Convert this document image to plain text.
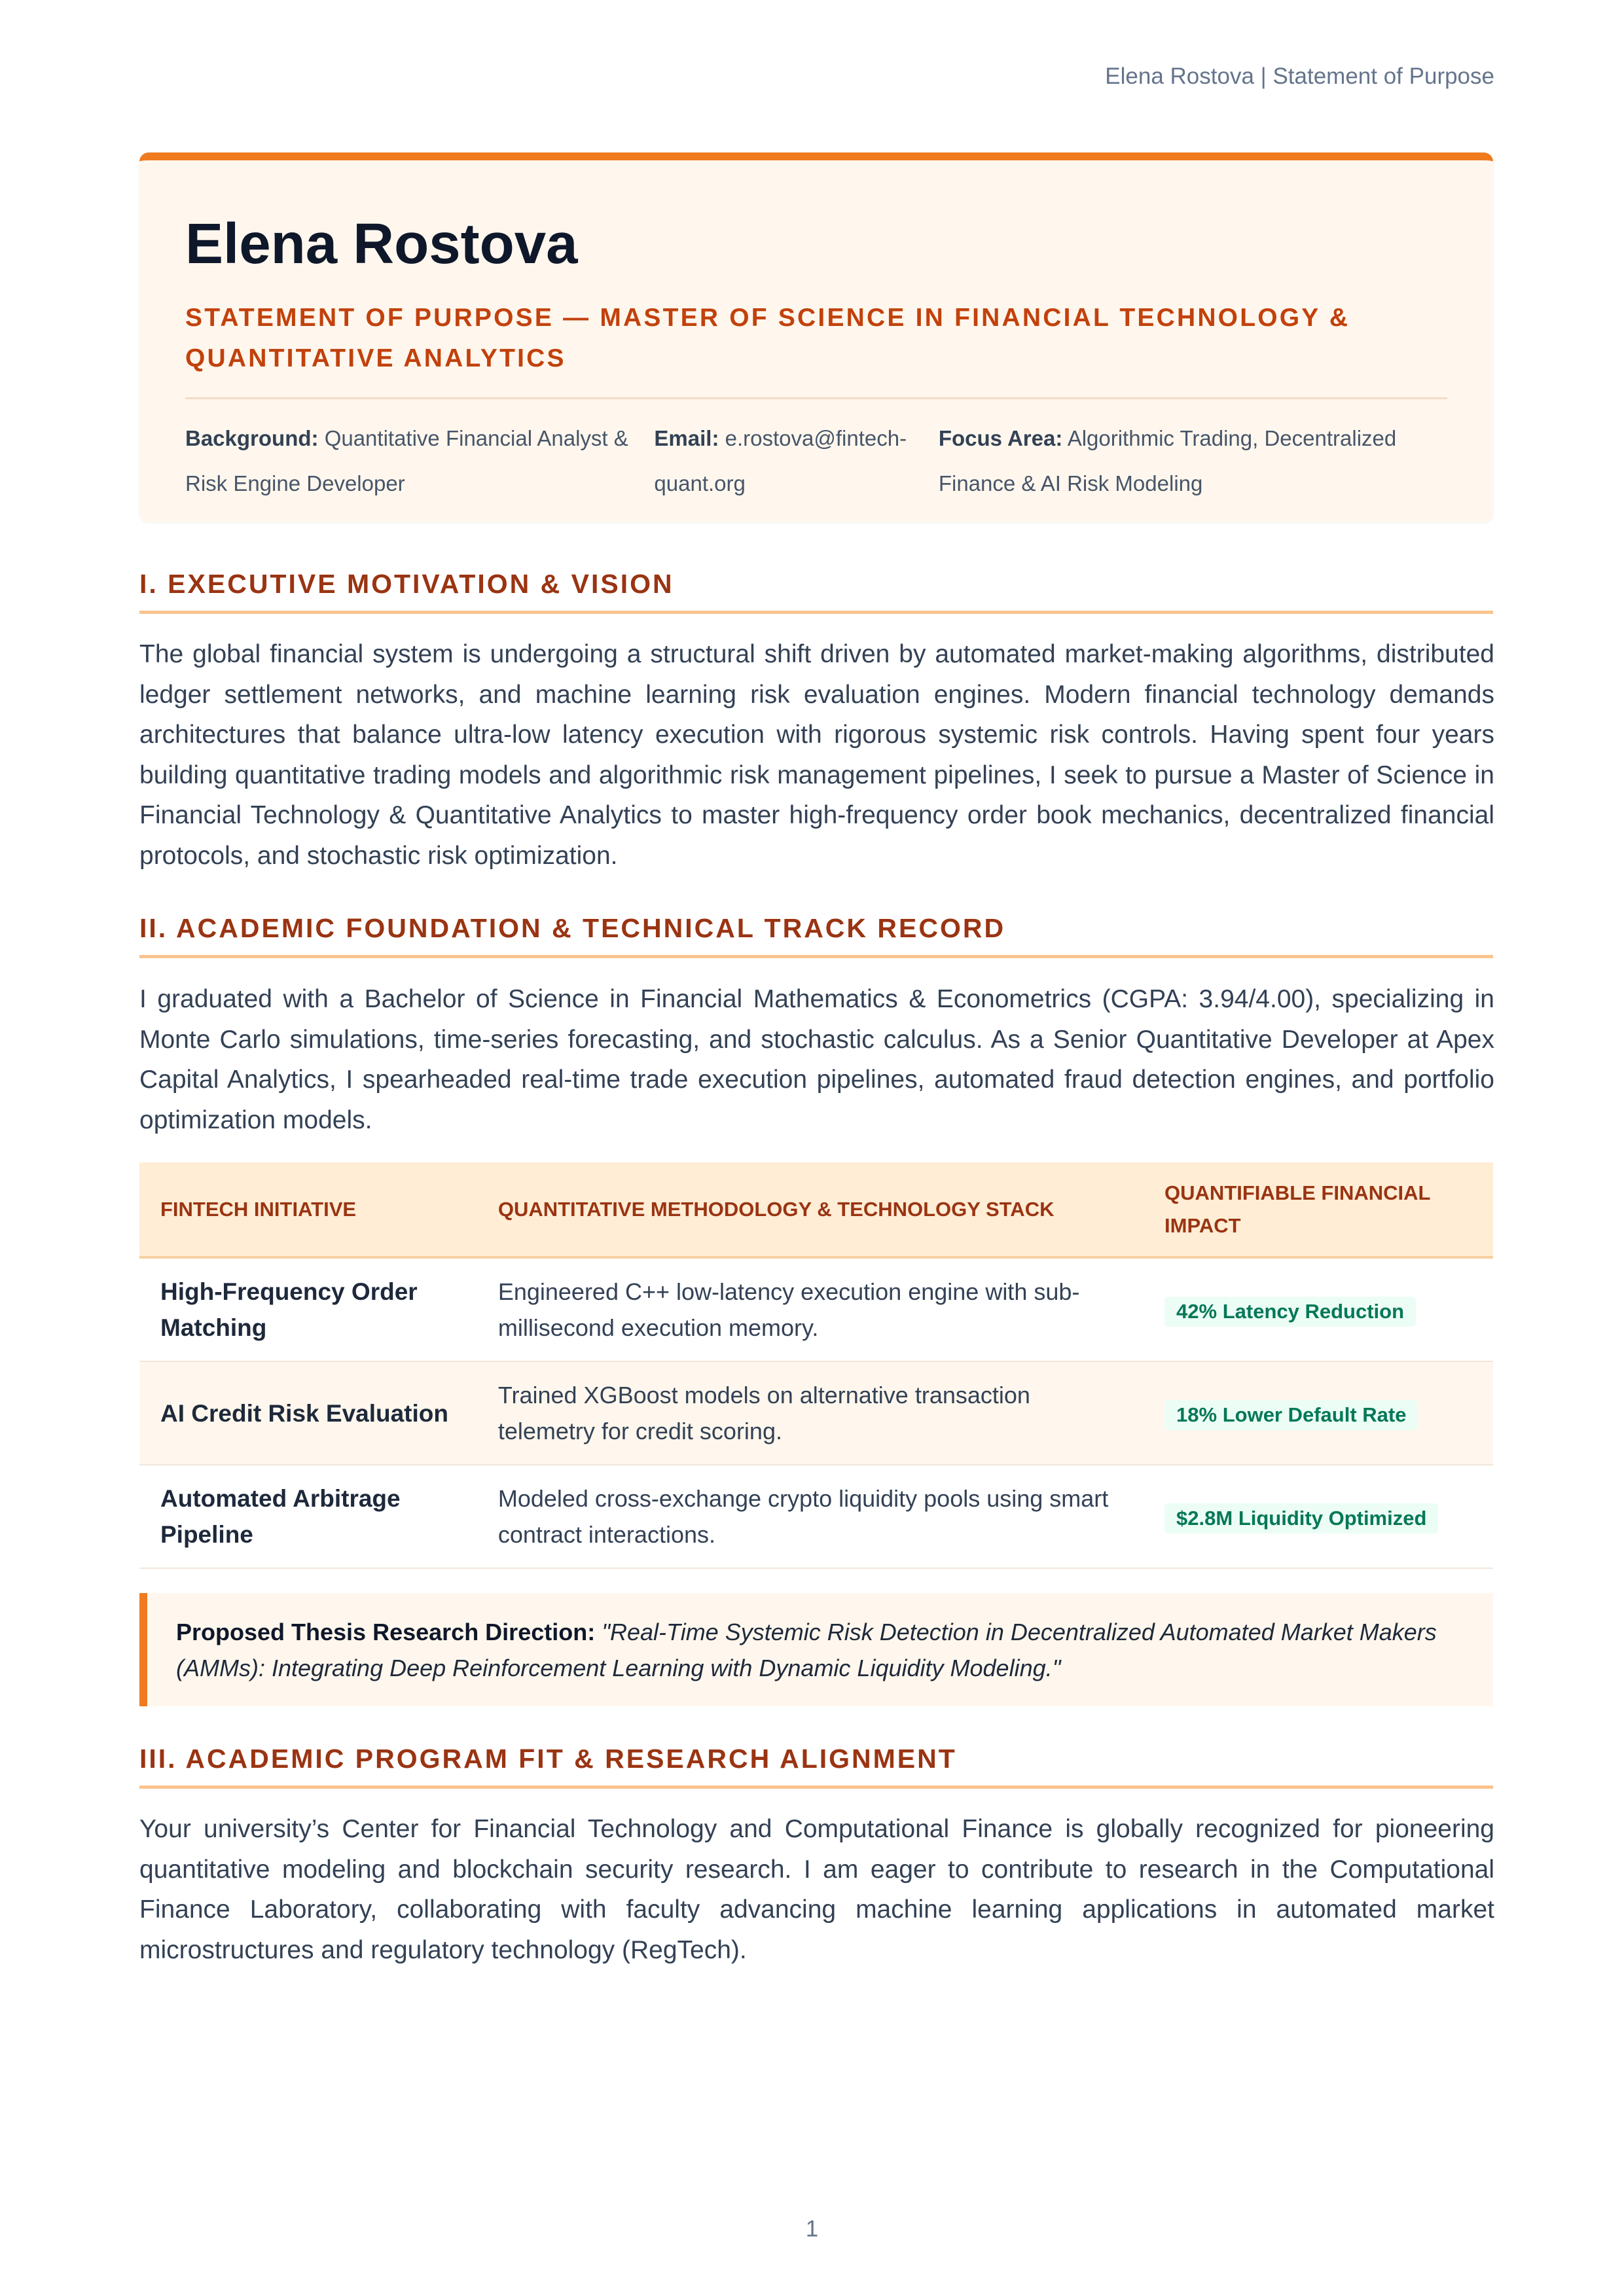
Elena Rostova | Statement of Purpose
Elena Rostova
STATEMENT OF PURPOSE — MASTER OF SCIENCE IN FINANCIAL TECHNOLOGY & QUANTITATIVE ANALYTICS
Background: Quantitative Financial Analyst & Risk Engine Developer
Email: e.rostova@fintech-quant.org
Focus Area: Algorithmic Trading, Decentralized Finance & AI Risk Modeling
I. EXECUTIVE MOTIVATION & VISION

The global financial system is undergoing a structural shift driven by automated market-making algorithms, distributed ledger settlement networks, and machine learning risk evaluation engines. Modern financial technology demands architectures that balance ultra-low latency execution with rigorous systemic risk controls. Having spent four years building quantitative trading models and algorithmic risk management pipelines, I seek to pursue a Master of Science in Financial Technology & Quantitative Analytics to master high-frequency order book mechanics, decentralized financial protocols, and stochastic risk optimization.

II. ACADEMIC FOUNDATION & TECHNICAL TRACK RECORD

I graduated with a Bachelor of Science in Financial Mathematics & Econometrics (CGPA: 3.94/4.00), specializing in Monte Carlo simulations, time-series forecasting, and stochastic calculus. As a Senior Quantitative Developer at Apex Capital Analytics, I spearheaded real-time trade execution pipelines, automated fraud detection engines, and portfolio optimization models.

FINTECH INITIATIVE	QUANTITATIVE METHODOLOGY & TECHNOLOGY STACK	QUANTIFIABLE FINANCIAL IMPACT
High-Frequency Order Matching	Engineered C++ low-latency execution engine with sub-millisecond execution memory.	42% Latency Reduction
AI Credit Risk Evaluation	Trained XGBoost models on alternative transaction telemetry for credit scoring.	18% Lower Default Rate
Automated Arbitrage Pipeline	Modeled cross-exchange crypto liquidity pools using smart contract interactions.	$2.8M Liquidity Optimized
Proposed Thesis Research Direction: "Real-Time Systemic Risk Detection in Decentralized Automated Market Makers (AMMs): Integrating Deep Reinforcement Learning with Dynamic Liquidity Modeling."
III. ACADEMIC PROGRAM FIT & RESEARCH ALIGNMENT

Your university’s Center for Financial Technology and Computational Finance is globally recognized for pioneering quantitative modeling and blockchain security research. I am eager to contribute to research in the Computational Finance Laboratory, collaborating with faculty advancing machine learning applications in automated market microstructures and regulatory technology (RegTech).

1
